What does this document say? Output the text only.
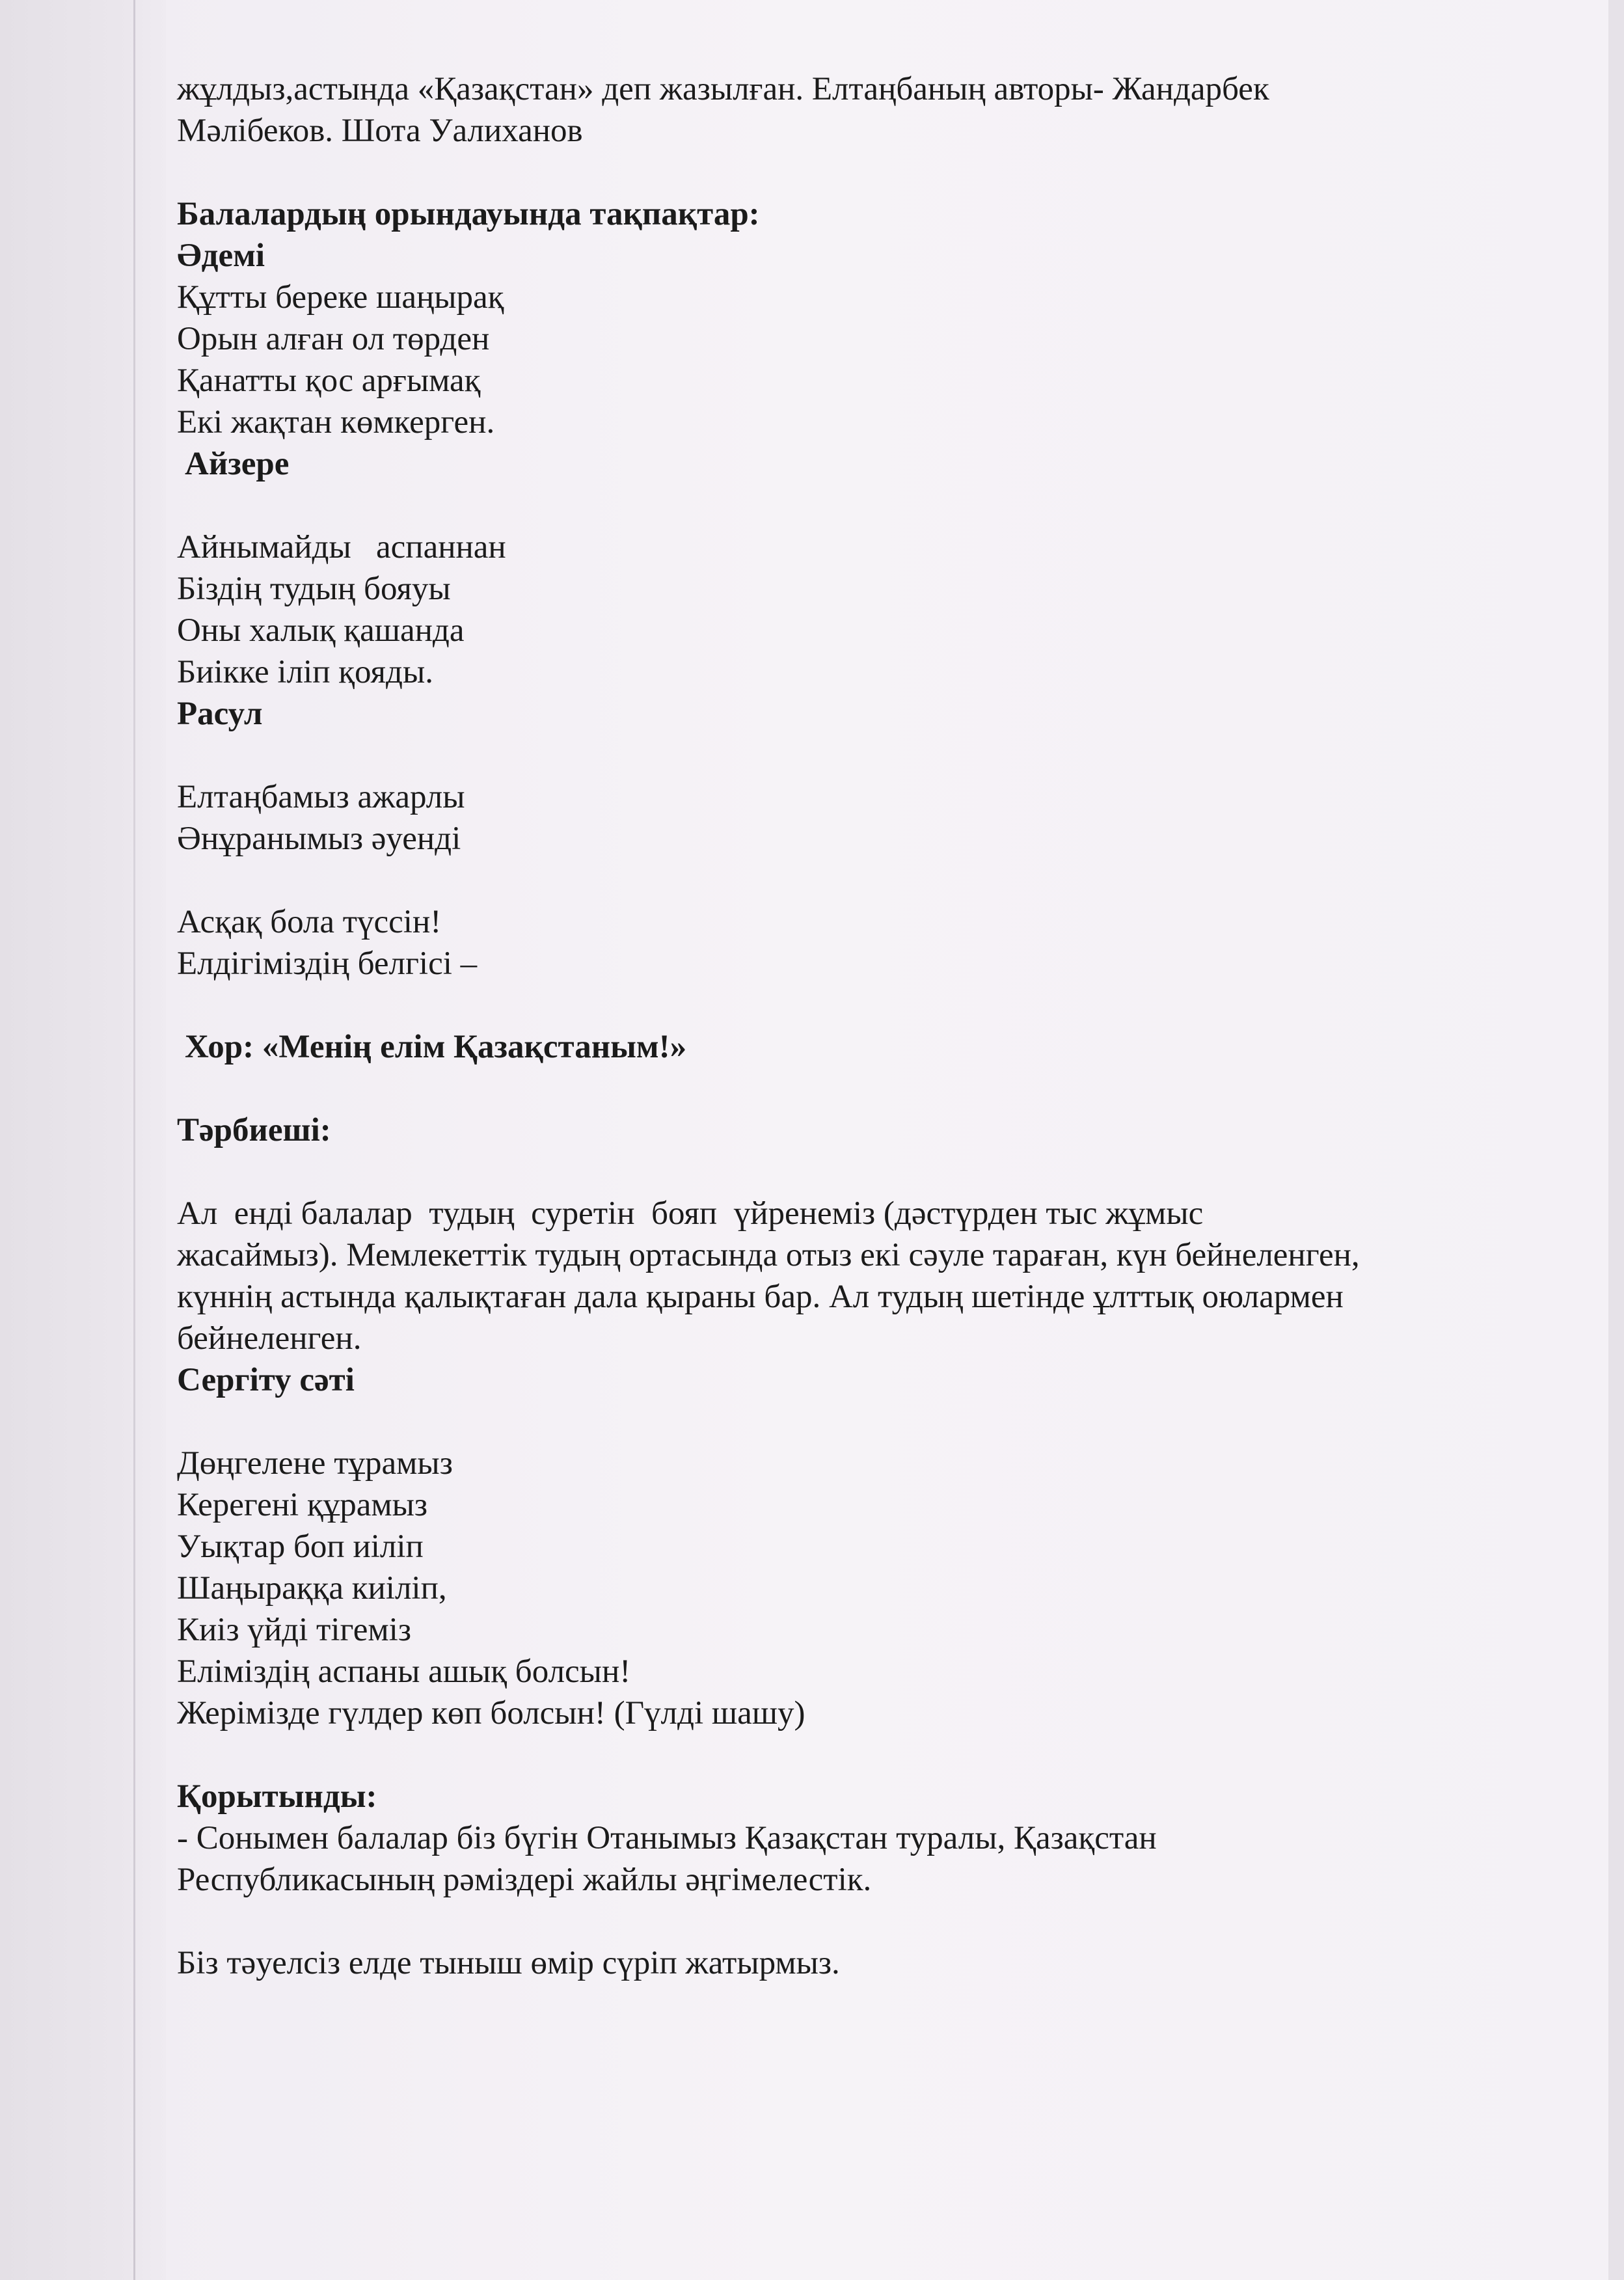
жұлдыз,астында «Қазақстан» деп жазылған. Елтаңбаның авторы- Жандарбек
Мәлібеков. Шота Уалиханов
Балалардың орындауында тақпақтар:
Әдемі
Құтты береке шаңырақ
Орын алған ол төрден
Қанатты қос арғымақ
Екі жақтан көмкерген.
Айзере
Айнымайды   аспаннан
Біздің тудың бояуы
Оны халық қашанда
Биікке іліп қояды.
Расул
Елтаңбамыз ажарлы
Әнұранымыз әуенді
Асқақ бола түссін!
Елдігіміздің белгісі –
Хор: «Менің елім Қазақстаным!»
Тәрбиеші:
Ал  енді балалар  тудың  суретін  бояп  үйренеміз (дәстүрден тыс жұмыс
жасаймыз). Мемлекеттік тудың ортасында отыз екі сәуле тараған, күн бейнеленген,
күннің астында қалықтаған дала қыраны бар. Ал тудың шетінде ұлттық оюлармен
бейнеленген.
Сергіту сәті
Дөңгелене тұрамыз
Керегені құрамыз
Уықтар боп иіліп
Шаңыраққа киіліп,
Киіз үйді тігеміз
Еліміздің аспаны ашық болсын!
Жерімізде гүлдер көп болсын! (Гүлді шашу)
Қорытынды:
- Сонымен балалар біз бүгін Отанымыз Қазақстан туралы, Қазақстан
Республикасының рәміздері жайлы әңгімелестік.
Біз тәуелсіз елде тыныш өмір сүріп жатырмыз.
